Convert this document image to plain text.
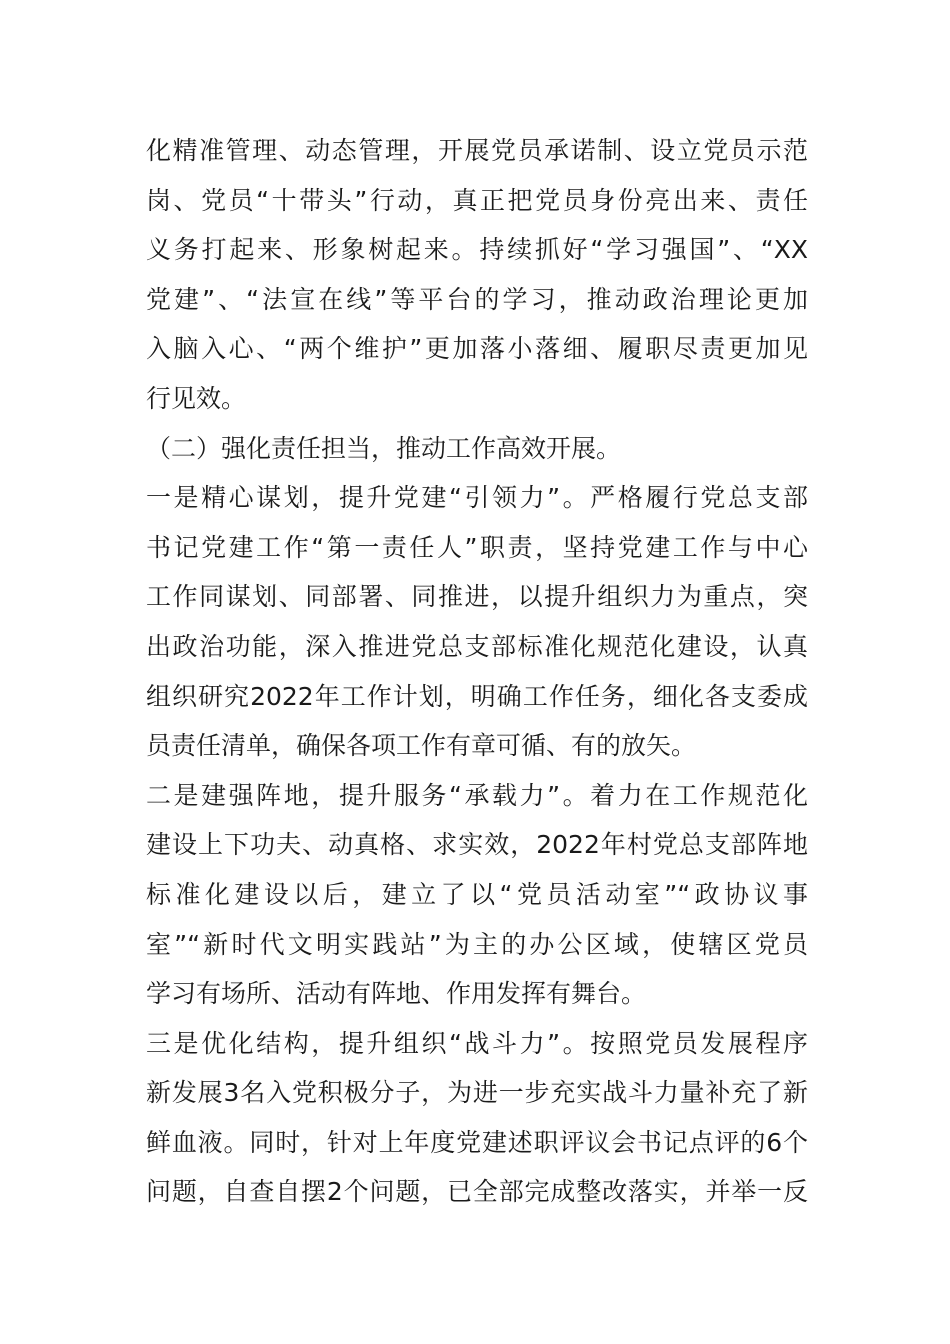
化精准管理、动态管理，开展党员承诺制、设立党员示范
岗、党员“十带头”行动，真正把党员身份亮出来、责任
义务打起来、形象树起来。持续抓好“学习强国”、“XX
党建”、“法宣在线”等平台的学习，推动政治理论更加
入脑入心、“两个维护”更加落小落细、履职尽责更加见
行见效。
（二）强化责任担当，推动工作高效开展。
一是精心谋划，提升党建“引领力”。严格履行党总支部
书记党建工作“第一责任人”职责，坚持党建工作与中心
工作同谋划、同部署、同推进，以提升组织力为重点，突
出政治功能，深入推进党总支部标准化规范化建设，认真
组织研究2022年工作计划，明确工作任务，细化各支委成
员责任清单，确保各项工作有章可循、有的放矢。
二是建强阵地，提升服务“承载力”。着力在工作规范化
建设上下功夫、动真格、求实效，2022年村党总支部阵地
标准化建设以后，建立了以“党员活动室”“政协议事
室”“新时代文明实践站”为主的办公区域，使辖区党员
学习有场所、活动有阵地、作用发挥有舞台。
三是优化结构，提升组织“战斗力”。按照党员发展程序
新发展3名入党积极分子，为进一步充实战斗力量补充了新
鲜血液。同时，针对上年度党建述职评议会书记点评的6个
问题，自查自摆2个问题，已全部完成整改落实，并举一反
